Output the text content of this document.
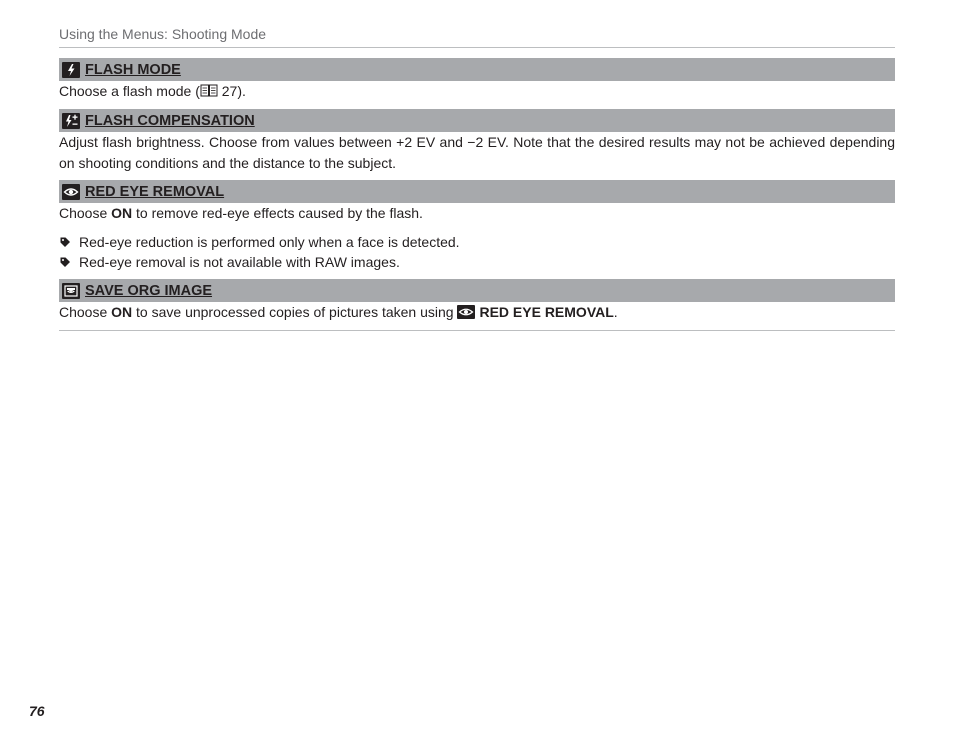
Using the Menus: Shooting Mode
FLASH MODE
Choose a flash mode ( 27).
FLASH COMPENSATION
Adjust flash brightness. Choose from values between +2 EV and −2 EV. Note that the desired results may not be achieved depending on shooting conditions and the distance to the subject.
RED EYE REMOVAL
Choose ON to remove red-eye effects caused by the flash.
Red-eye reduction is performed only when a face is detected.
Red-eye removal is not available with RAW images.
SAVE ORG IMAGE
Choose ON to save unprocessed copies of pictures taken using
RED EYE REMOVAL.
76
